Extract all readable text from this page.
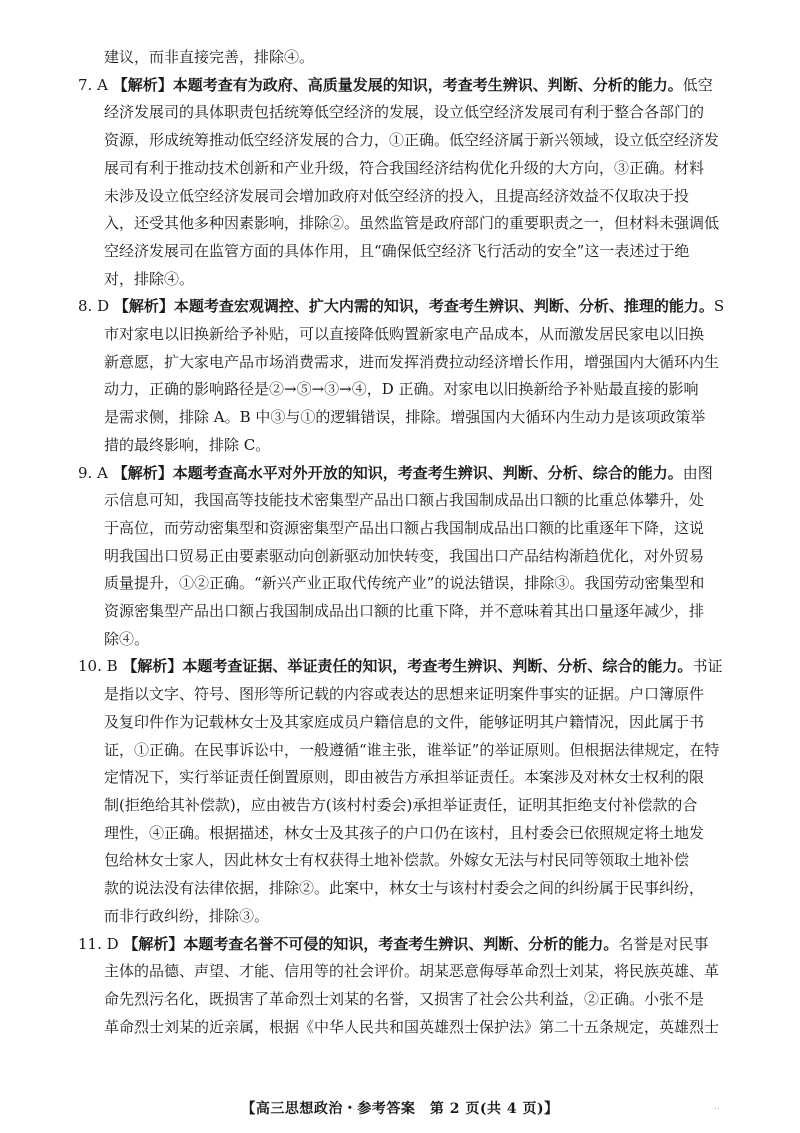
建议，而非直接完善，排除④。
7. A 【解析】本题考查有为政府、高质量发展的知识，考查考生辨识、判断、分析的能力。低空
经济发展司的具体职责包括统筹低空经济的发展，设立低空经济发展司有利于整合各部门的
资源，形成统筹推动低空经济发展的合力，①正确。低空经济属于新兴领域，设立低空经济发
展司有利于推动技术创新和产业升级，符合我国经济结构优化升级的大方向，③正确。材料
未涉及设立低空经济发展司会增加政府对低空经济的投入，且提高经济效益不仅取决于投
入，还受其他多种因素影响，排除②。虽然监管是政府部门的重要职责之一，但材料未强调低
空经济发展司在监管方面的具体作用，且“确保低空经济飞行活动的安全”这一表述过于绝
对，排除④。
8. D 【解析】本题考查宏观调控、扩大内需的知识，考查考生辨识、判断、分析、推理的能力。S
市对家电以旧换新给予补贴，可以直接降低购置新家电产品成本，从而激发居民家电以旧换
新意愿，扩大家电产品市场消费需求，进而发挥消费拉动经济增长作用，增强国内大循环内生
动力，正确的影响路径是②→⑤→③→④，D 正确。对家电以旧换新给予补贴最直接的影响
是需求侧，排除 A。B 中③与①的逻辑错误，排除。增强国内大循环内生动力是该项政策举
措的最终影响，排除 C。
9. A 【解析】本题考查高水平对外开放的知识，考查考生辨识、判断、分析、综合的能力。由图
示信息可知，我国高等技能技术密集型产品出口额占我国制成品出口额的比重总体攀升，处
于高位，而劳动密集型和资源密集型产品出口额占我国制成品出口额的比重逐年下降，这说
明我国出口贸易正由要素驱动向创新驱动加快转变，我国出口产品结构渐趋优化，对外贸易
质量提升，①②正确。“新兴产业正取代传统产业”的说法错误，排除③。我国劳动密集型和
资源密集型产品出口额占我国制成品出口额的比重下降，并不意味着其出口量逐年减少，排
除④。
10. B 【解析】本题考查证据、举证责任的知识，考查考生辨识、判断、分析、综合的能力。书证
是指以文字、符号、图形等所记载的内容或表达的思想来证明案件事实的证据。户口簿原件
及复印件作为记载林女士及其家庭成员户籍信息的文件，能够证明其户籍情况，因此属于书
证，①正确。在民事诉讼中，一般遵循“谁主张，谁举证”的举证原则。但根据法律规定，在特
定情况下，实行举证责任倒置原则，即由被告方承担举证责任。本案涉及对林女士权利的限
制(拒绝给其补偿款)，应由被告方(该村村委会)承担举证责任，证明其拒绝支付补偿款的合
理性，④正确。根据描述，林女士及其孩子的户口仍在该村，且村委会已依照规定将土地发
包给林女士家人，因此林女士有权获得土地补偿款。外嫁女无法与村民同等领取土地补偿
款的说法没有法律依据，排除②。此案中，林女士与该村村委会之间的纠纷属于民事纠纷，
而非行政纠纷，排除③。
11. D 【解析】本题考查名誉不可侵的知识，考查考生辨识、判断、分析的能力。名誉是对民事
主体的品德、声望、才能、信用等的社会评价。胡某恶意侮辱革命烈士刘某，将民族英雄、革
命先烈污名化，既损害了革命烈士刘某的名誉，又损害了社会公共利益，②正确。小张不是
革命烈士刘某的近亲属，根据《中华人民共和国英雄烈士保护法》第二十五条规定，英雄烈士
【高三思想政治・参考答案　第 2 页(共 4 页)】	..
